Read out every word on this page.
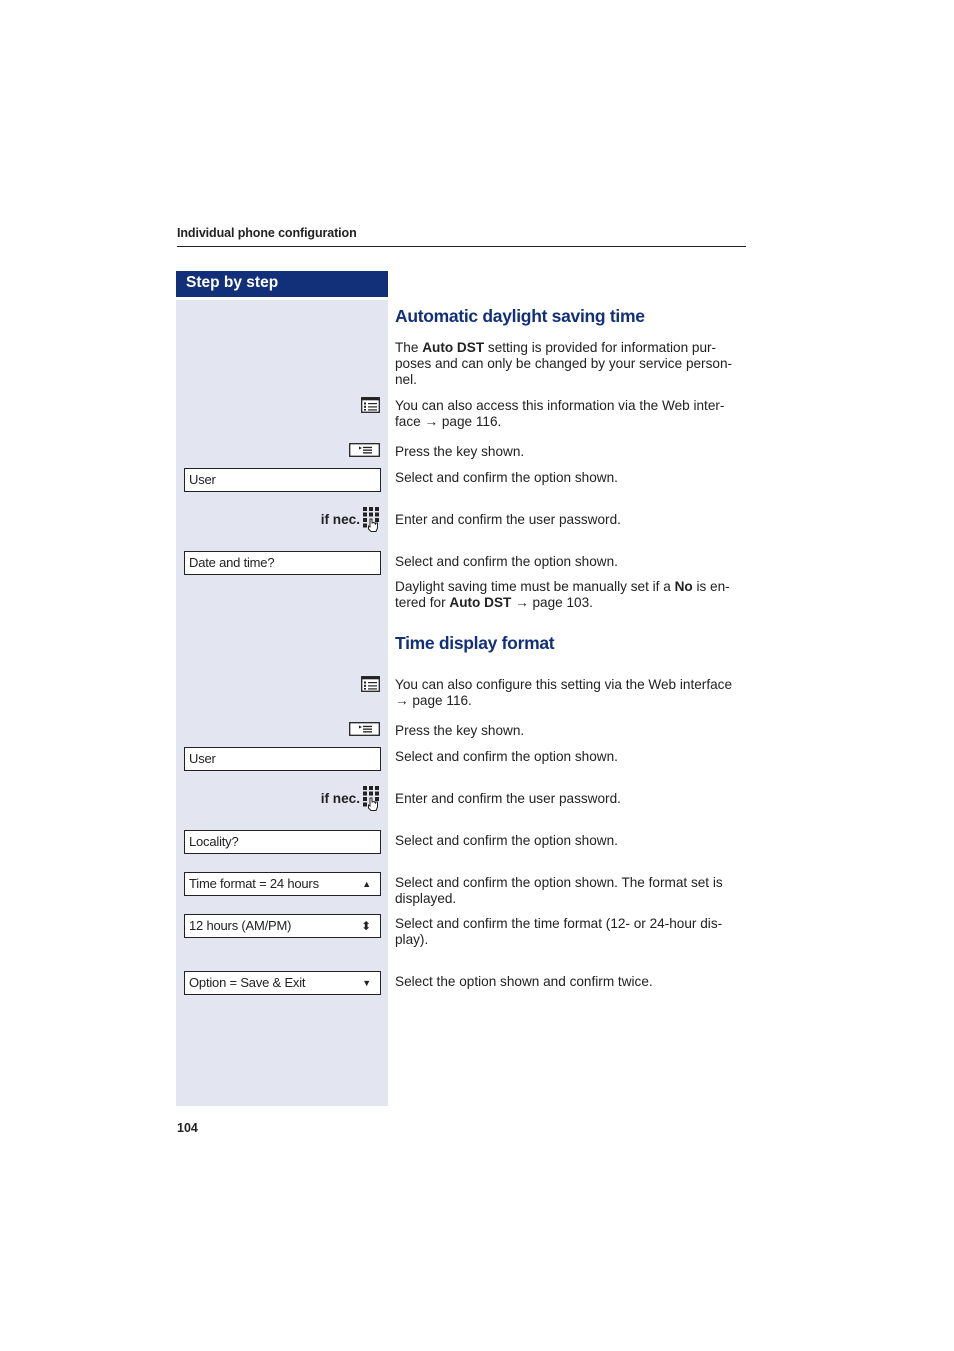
Individual phone configuration
Step by step
Automatic daylight saving time
The Auto DST setting is provided for information pur-
poses and can only be changed by your service person-
nel.
You can also access this information via the Web inter-
face → page 116.
Press the key shown.
User	Select and confirm the option shown.
if nec.	Enter and confirm the user password.
Date and time?	Select and confirm the option shown.
Daylight saving time must be manually set if a No is en-
tered for Auto DST → page 103.
Time display format
You can also configure this setting via the Web interface
→ page 116.
Press the key shown.
User	Select and confirm the option shown.
if nec.	Enter and confirm the user password.
Locality?	Select and confirm the option shown.
Time format = 24 hours	▲ Select and confirm the option shown. The format set is
displayed.
12 hours (AM/PM)	⬍ Select and confirm the time format (12- or 24-hour dis-
play).
Option = Save & Exit	▼ Select the option shown and confirm twice.
104
